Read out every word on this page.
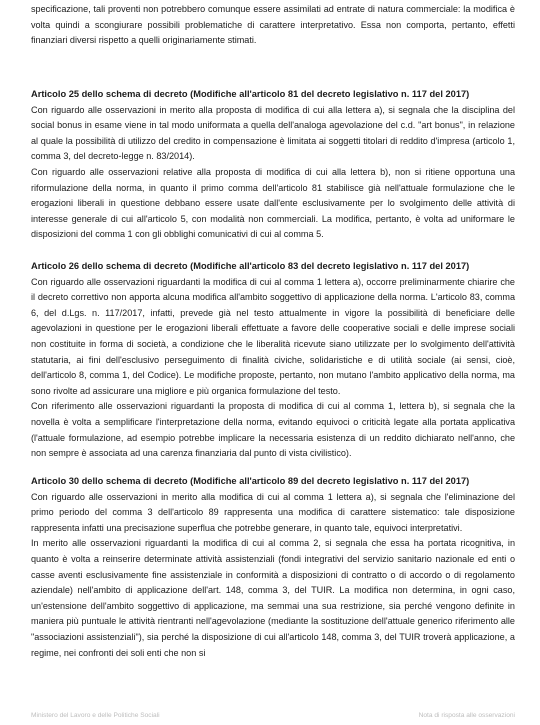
specificazione, tali proventi non potrebbero comunque essere assimilati ad entrate di natura commerciale: la modifica è volta quindi a scongiurare possibili problematiche di carattere interpretativo. Essa non comporta, pertanto, effetti finanziari diversi rispetto a quelli originariamente stimati.

Articolo 25 dello schema di decreto (Modifiche all'articolo 81 del decreto legislativo n. 117 del 2017)

Con riguardo alle osservazioni in merito alla proposta di modifica di cui alla lettera a), si segnala che la disciplina del social bonus in esame viene in tal modo uniformata a quella dell'analoga agevolazione del c.d. "art bonus", in relazione al quale la possibilità di utilizzo del credito in compensazione è limitata ai soggetti titolari di reddito d'impresa (articolo 1, comma 3, del decreto-legge n. 83/2014).

Con riguardo alle osservazioni relative alla proposta di modifica di cui alla lettera b), non si ritiene opportuna una riformulazione della norma, in quanto il primo comma dell'articolo 81 stabilisce già nell'attuale formulazione che le erogazioni liberali in questione debbano essere usate dall'ente esclusivamente per lo svolgimento delle attività di interesse generale di cui all'articolo 5, con modalità non commerciali. La modifica, pertanto, è volta ad uniformare le disposizioni del comma 1 con gli obblighi comunicativi di cui al comma 5.

Articolo 26 dello schema di decreto (Modifiche all'articolo 83 del decreto legislativo n. 117 del 2017)

Con riguardo alle osservazioni riguardanti la modifica di cui al comma 1 lettera a), occorre preliminarmente chiarire che il decreto correttivo non apporta alcuna modifica all'ambito soggettivo di applicazione della norma. L'articolo 83, comma 6, del d.Lgs. n. 117/2017, infatti, prevede già nel testo attualmente in vigore la possibilità di beneficiare delle agevolazioni in questione per le erogazioni liberali effettuate a favore delle cooperative sociali e delle imprese sociali non costituite in forma di società, a condizione che le liberalità ricevute siano utilizzate per lo svolgimento dell'attività statutaria, ai fini dell'esclusivo perseguimento di finalità civiche, solidaristiche e di utilità sociale (ai sensi, cioè, dell'articolo 8, comma 1, del Codice). Le modifiche proposte, pertanto, non mutano l'ambito applicativo della norma, ma sono rivolte ad assicurare una migliore e più organica formulazione del testo.

Con riferimento alle osservazioni riguardanti la proposta di modifica di cui al comma 1, lettera b), si segnala che la novella è volta a semplificare l'interpretazione della norma, evitando equivoci o criticità legate alla portata applicativa (l'attuale formulazione, ad esempio potrebbe implicare la necessaria esistenza di un reddito dichiarato nell'anno, che non sempre è associata ad una carenza finanziaria dal punto di vista civilistico).

Articolo 30 dello schema di decreto (Modifiche all'articolo 89 del decreto legislativo n. 117 del 2017)

Con riguardo alle osservazioni in merito alla modifica di cui al comma 1 lettera a), si segnala che l'eliminazione del primo periodo del comma 3 dell'articolo 89 rappresenta una modifica di carattere sistematico: tale disposizione rappresenta infatti una precisazione superflua che potrebbe generare, in quanto tale, equivoci interpretativi.

In merito alle osservazioni riguardanti la modifica di cui al comma 2, si segnala che essa ha portata ricognitiva, in quanto è volta a reinserire determinate attività assistenziali (fondi integrativi del servizio sanitario nazionale ed enti o casse aventi esclusivamente fine assistenziale in conformità a disposizioni di contratto o di accordo o di regolamento aziendale) nell'ambito di applicazione dell'art. 148, comma 3, del TUIR. La modifica non determina, in ogni caso, un'estensione dell'ambito soggettivo di applicazione, ma semmai una sua restrizione, sia perché vengono definite in maniera più puntuale le attività rientranti nell'agevolazione (mediante la sostituzione dell'attuale generico riferimento alle "associazioni assistenziali"), sia perché la disposizione di cui all'articolo 148, comma 3, del TUIR troverà applicazione, a regime, nei confronti dei soli enti che non si

Ministero del Lavoro e delle Politiche Sociali	Nota di risposta alle osservazioni
